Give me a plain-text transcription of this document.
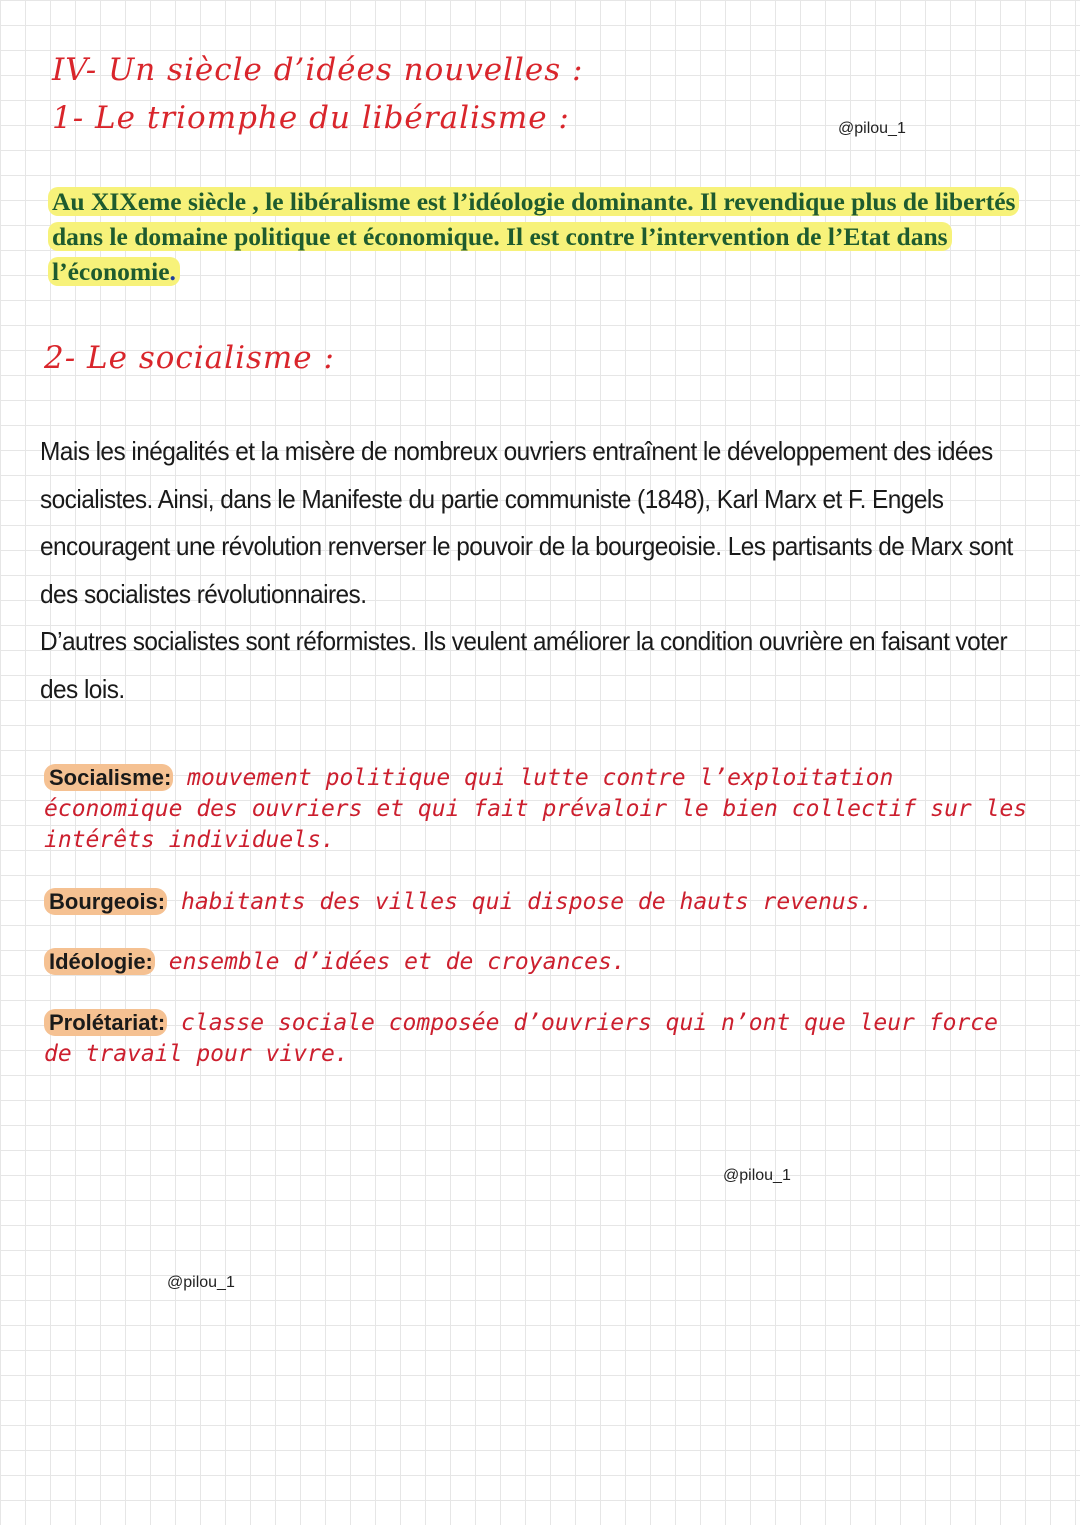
IV- Un siècle d’idées nouvelles :
1- Le triomphe du libéralisme :	@pilou_1
Au XIXeme siècle , le libéralisme est l’idéologie dominante. Il revendique plus de libertés dans le domaine politique et économique. Il est contre l’intervention de l’Etat dans l’économie.
2- Le socialisme :

Mais les inégalités et la misère de nombreux ouvriers entraînent le développement des idées socialistes. Ainsi, dans le Manifeste du partie communiste (1848), Karl Marx et F. Engels encouragent une révolution renverser le pouvoir de la bourgeoisie. Les partisants de Marx sont des socialistes révolutionnaires.

D’autres socialistes sont réformistes. Ils veulent améliorer la condition ouvrière en faisant voter des lois.

Socialisme: mouvement politique qui lutte contre l’exploitation économique des ouvriers et qui fait prévaloir le bien collectif sur les intérêts individuels.
Bourgeois: habitants des villes qui dispose de hauts revenus.
Idéologie: ensemble d’idées et de croyances.
Prolétariat: classe sociale composée d’ouvriers qui n’ont que leur force de travail pour vivre.
@pilou_1
@pilou_1
